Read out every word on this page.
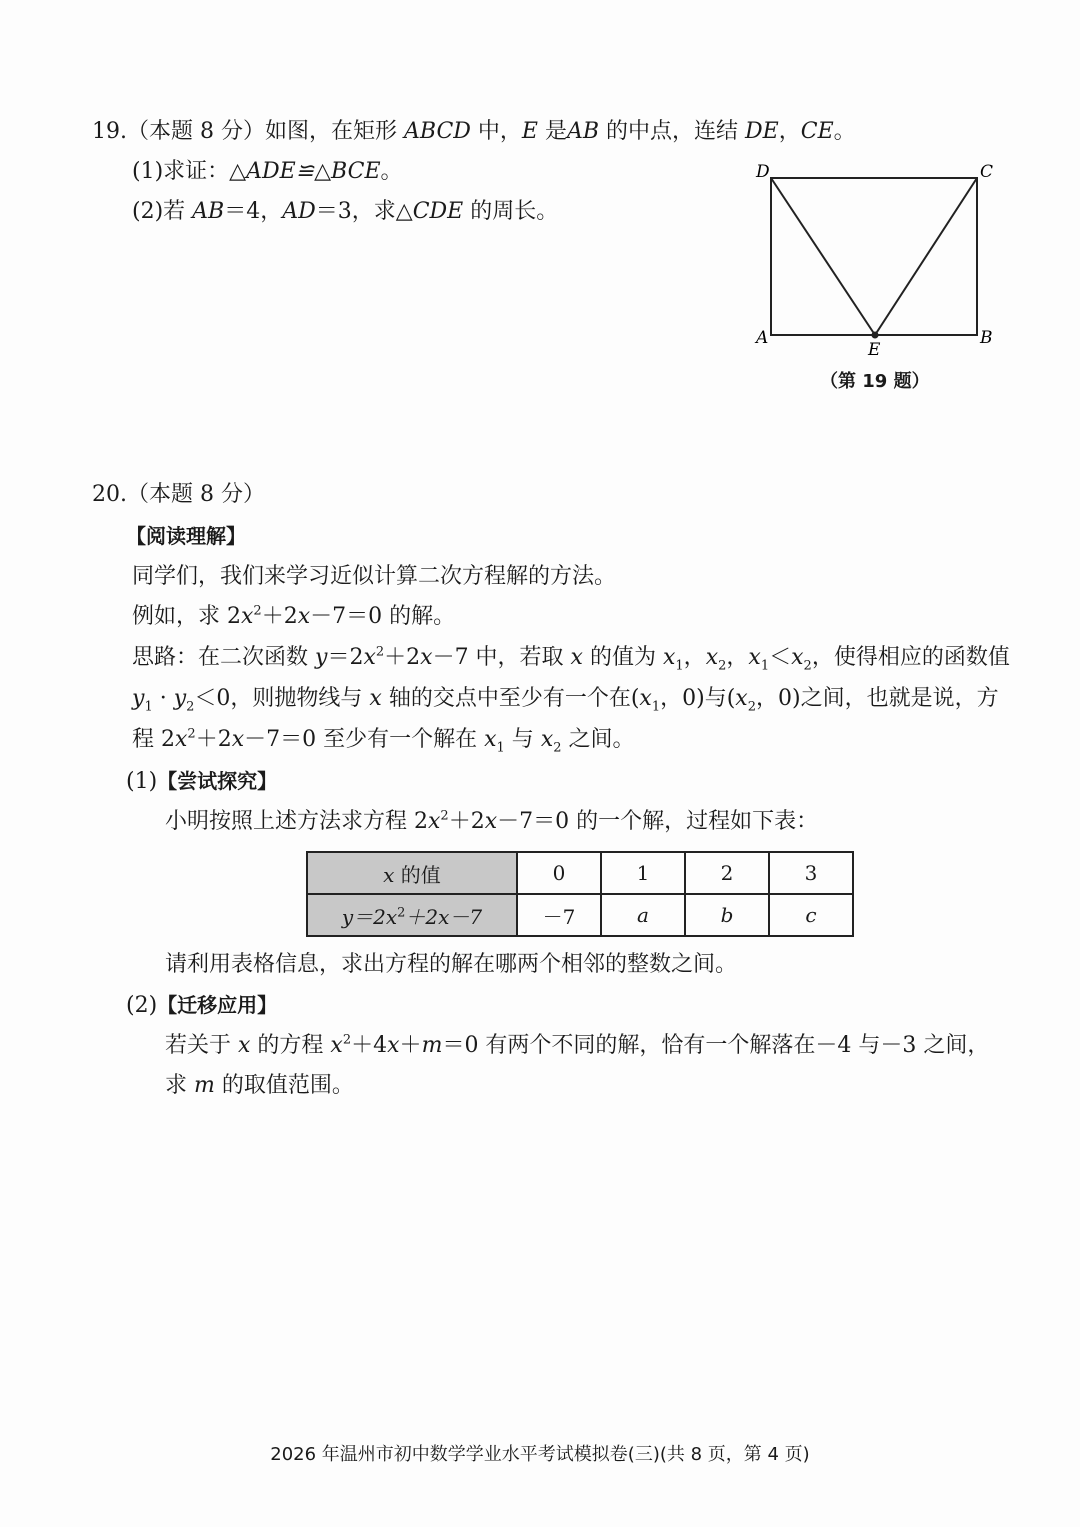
19.（本题 8 分）如图，在矩形 ABCD 中，E 是AB 的中点，连结 DE，CE。
(1)求证：△ADE≌△BCE。
(2)若 AB＝4，AD＝3，求△CDE 的周长。
D	C
A	B
E
（第 19 题）
20.（本题 8 分）
【阅读理解】
同学们，我们来学习近似计算二次方程解的方法。
例如，求 $2x^2+2x-7=0$ 的解。
思路：在二次函数 $y=2x^2+2x-7$ 中，若取 x 的值为 $x_1$，$x_2$，$x_1<x_2$，使得相应的函数值
$y_1 \cdot y_2<0$，则抛物线与 x 轴的交点中至少有一个在($x_1$，0)与($x_2$，0)之间，也就是说，方
程 $2x^2+2x-7=0$ 至少有一个解在 $x_1$ 与 $x_2$ 之间。
(1)【尝试探究】
小明按照上述方法求方程 $2x^2+2x-7=0$ 的一个解，过程如下表：
x 的值	0	1	2	3
$y=2x^2+2x-7$	－7	a	b	c
请利用表格信息，求出方程的解在哪两个相邻的整数之间。
(2)【迁移应用】
若关于 x 的方程 $x^2+4x+m=0$ 有两个不同的解，恰有一个解落在－4 与－3 之间，
求 m 的取值范围。
2026 年温州市初中数学学业水平考试模拟卷(三)(共 8 页，第 4 页)
